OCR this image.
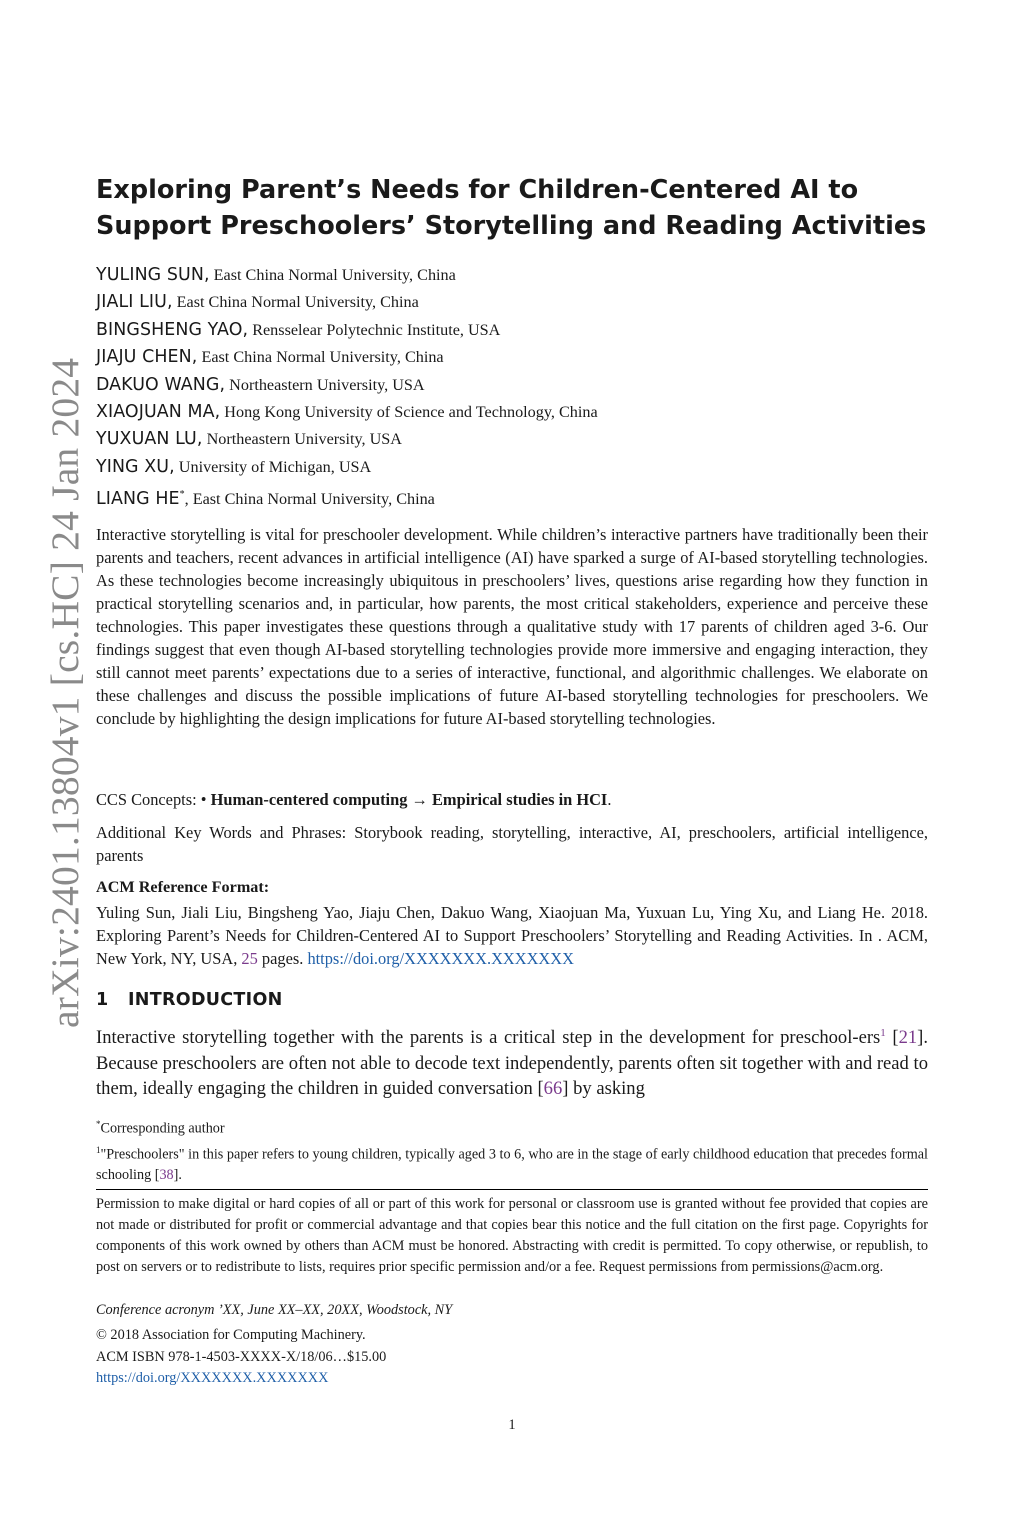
arXiv:2401.13804v1 [cs.HC] 24 Jan 2024
Exploring Parent’s Needs for Children-Centered AI to
Support Preschoolers’ Storytelling and Reading Activities
YULING SUN, East China Normal University, China
JIALI LIU, East China Normal University, China
BINGSHENG YAO, Rensselear Polytechnic Institute, USA
JIAJU CHEN, East China Normal University, China
DAKUO WANG, Northeastern University, USA
XIAOJUAN MA, Hong Kong University of Science and Technology, China
YUXUAN LU, Northeastern University, USA
YING XU, University of Michigan, USA
LIANG HE*, East China Normal University, China

Interactive storytelling is vital for preschooler development. While children’s interactive partners have traditionally been their parents and teachers, recent advances in artificial intelligence (AI) have sparked a surge of AI-based storytelling technologies. As these technologies become increasingly ubiquitous in preschoolers’ lives, questions arise regarding how they function in practical storytelling scenarios and, in particular, how parents, the most critical stakeholders, experience and perceive these technologies. This paper investigates these questions through a qualitative study with 17 parents of children aged 3-6. Our findings suggest that even though AI-based storytelling technologies provide more immersive and engaging interaction, they still cannot meet parents’ expectations due to a series of interactive, functional, and algorithmic challenges. We elaborate on these challenges and discuss the possible implications of future AI-based storytelling technologies for preschoolers. We conclude by highlighting the design implications for future AI-based storytelling technologies.

CCS Concepts: • Human-centered computing → Empirical studies in HCI.

Additional Key Words and Phrases: Storybook reading, storytelling, interactive, AI, preschoolers, artificial intelligence, parents

ACM Reference Format:

Yuling Sun, Jiali Liu, Bingsheng Yao, Jiaju Chen, Dakuo Wang, Xiaojuan Ma, Yuxuan Lu, Ying Xu, and Liang He. 2018. Exploring Parent’s Needs for Children-Centered AI to Support Preschoolers’ Storytelling and Reading Activities. In . ACM, New York, NY, USA, 25 pages. https://doi.org/XXXXXXX.XXXXXXX

1 INTRODUCTION

Interactive storytelling together with the parents is a critical step in the development for preschool-ers$^1$ [21]. Because preschoolers are often not able to decode text independently, parents often sit together with and read to them, ideally engaging the children in guided conversation [66] by asking

*Corresponding author

$^1$"Preschoolers" in this paper refers to young children, typically aged 3 to 6, who are in the stage of early childhood education that precedes formal schooling [38].

Permission to make digital or hard copies of all or part of this work for personal or classroom use is granted without fee provided that copies are not made or distributed for profit or commercial advantage and that copies bear this notice and the full citation on the first page. Copyrights for components of this work owned by others than ACM must be honored. Abstracting with credit is permitted. To copy otherwise, or republish, to post on servers or to redistribute to lists, requires prior specific permission and/or a fee. Request permissions from permissions@acm.org.

Conference acronym ’XX, June XX–XX, 20XX, Woodstock, NY
© 2018 Association for Computing Machinery.
ACM ISBN 978-1-4503-XXXX-X/18/06…$15.00
https://doi.org/XXXXXXX.XXXXXXX
1
